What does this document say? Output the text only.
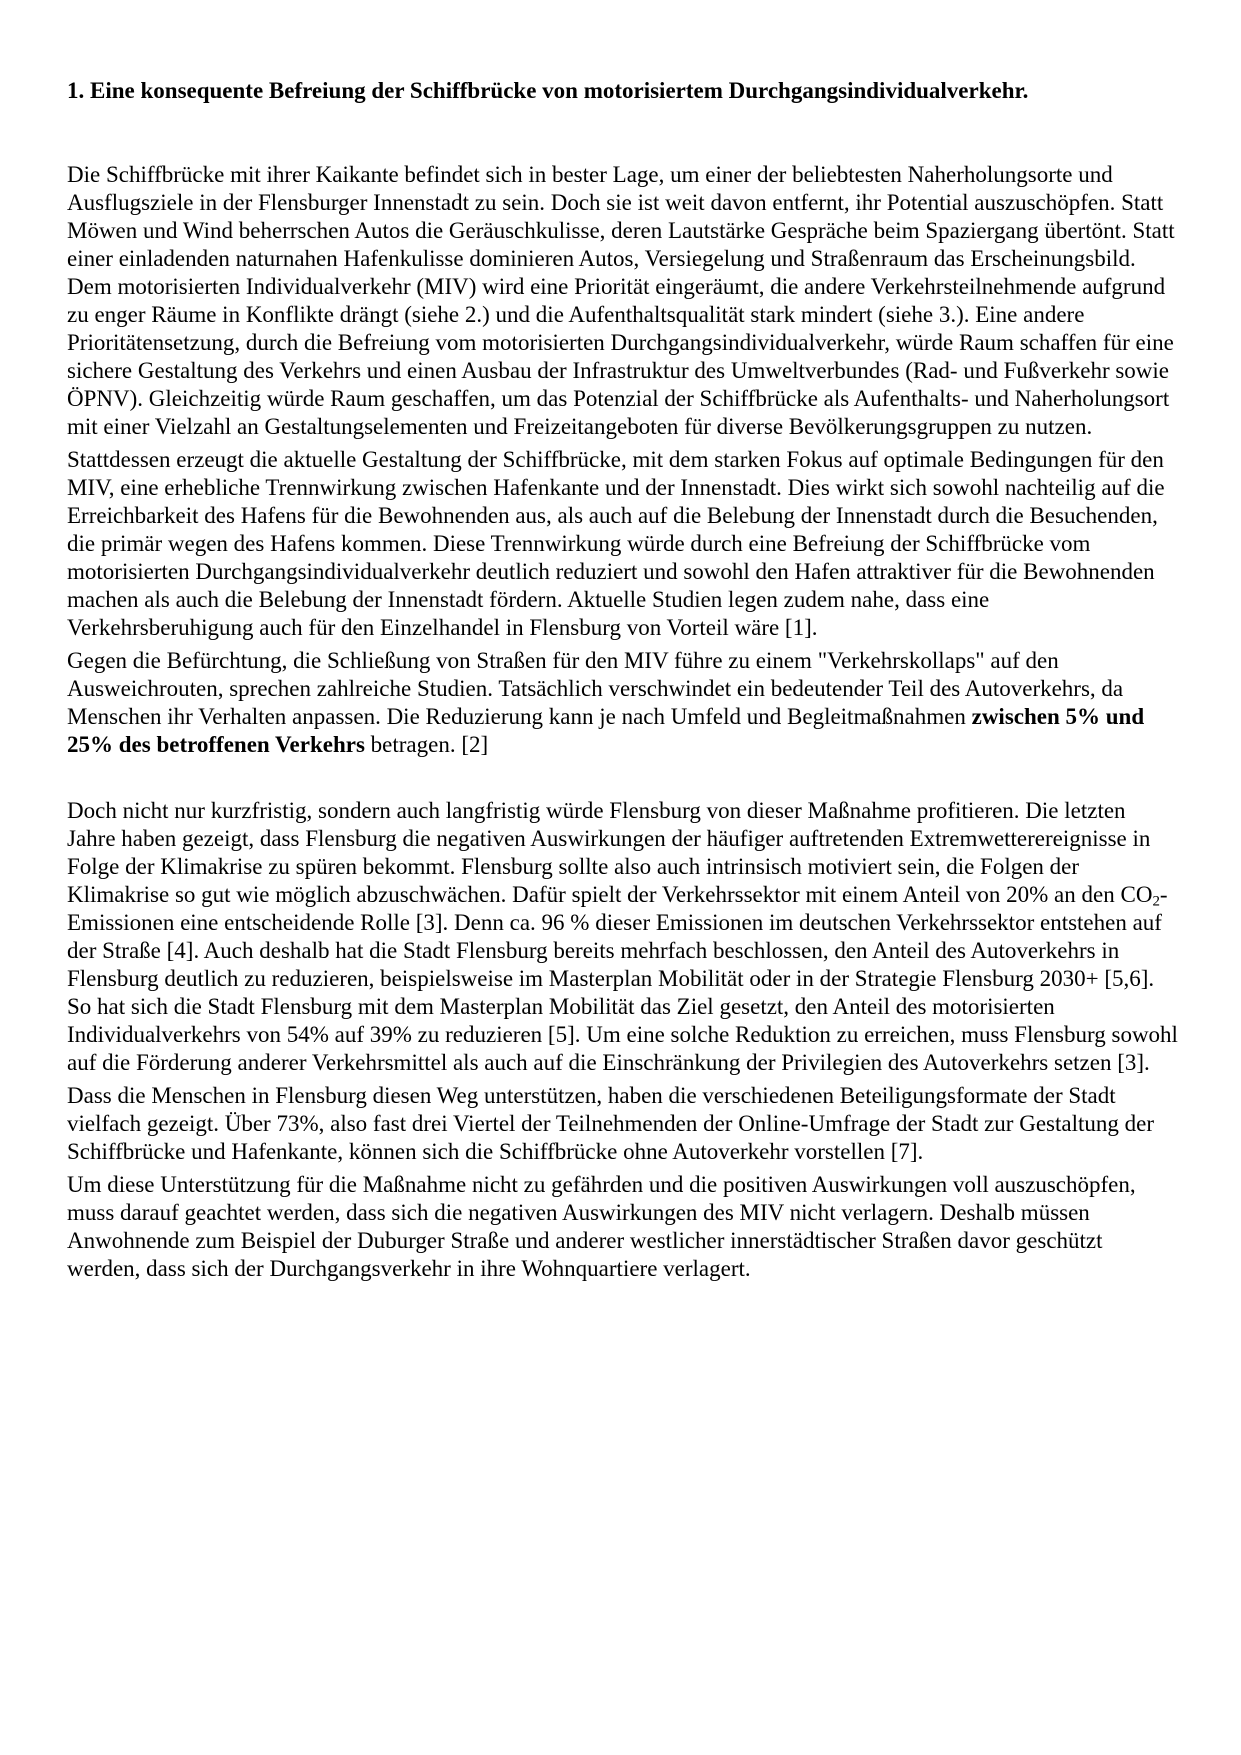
1. Eine konsequente Befreiung der Schiffbrücke von motorisiertem Durchgangsindividualverkehr.

Die Schiffbrücke mit ihrer Kaikante befindet sich in bester Lage, um einer der beliebtesten Naherholungsorte und Ausflugsziele in der Flensburger Innenstadt zu sein. Doch sie ist weit davon entfernt, ihr Potential auszuschöpfen. Statt Möwen und Wind beherrschen Autos die Geräuschkulisse, deren Lautstärke Gespräche beim Spaziergang übertönt. Statt einer einladenden naturnahen Hafenkulisse dominieren Autos, Versiegelung und Straßenraum das Erscheinungsbild. Dem motorisierten Individualverkehr (MIV) wird eine Priorität eingeräumt, die andere Verkehrsteilnehmende aufgrund zu enger Räume in Konflikte drängt (siehe 2.) und die Aufenthaltsqualität stark mindert (siehe 3.). Eine andere Prioritätensetzung, durch die Befreiung vom motorisierten Durchgangsindividualverkehr, würde Raum schaffen für eine sichere Gestaltung des Verkehrs und einen Ausbau der Infrastruktur des Umweltverbundes (Rad- und Fußverkehr sowie ÖPNV). Gleichzeitig würde Raum geschaffen, um das Potenzial der Schiffbrücke als Aufenthalts- und Naherholungsort mit einer Vielzahl an Gestaltungselementen und Freizeitangeboten für diverse Bevölkerungsgruppen zu nutzen.

Stattdessen erzeugt die aktuelle Gestaltung der Schiffbrücke, mit dem starken Fokus auf optimale Bedingungen für den MIV, eine erhebliche Trennwirkung zwischen Hafenkante und der Innenstadt. Dies wirkt sich sowohl nachteilig auf die Erreichbarkeit des Hafens für die Bewohnenden aus, als auch auf die Belebung der Innenstadt durch die Besuchenden, die primär wegen des Hafens kommen. Diese Trennwirkung würde durch eine Befreiung der Schiffbrücke vom motorisierten Durchgangsindividualverkehr deutlich reduziert und sowohl den Hafen attraktiver für die Bewohnenden machen als auch die Belebung der Innenstadt fördern. Aktuelle Studien legen zudem nahe, dass eine Verkehrsberuhigung auch für den Einzelhandel in Flensburg von Vorteil wäre [1].

Gegen die Befürchtung, die Schließung von Straßen für den MIV führe zu einem "Verkehrskollaps" auf den Ausweichrouten, sprechen zahlreiche Studien. Tatsächlich verschwindet ein bedeutender Teil des Autoverkehrs, da Menschen ihr Verhalten anpassen. Die Reduzierung kann je nach Umfeld und Begleitmaßnahmen zwischen 5% und 25% des betroffenen Verkehrs betragen. [2]

Doch nicht nur kurzfristig, sondern auch langfristig würde Flensburg von dieser Maßnahme profitieren. Die letzten Jahre haben gezeigt, dass Flensburg die negativen Auswirkungen der häufiger auftretenden Extremwetterereignisse in Folge der Klimakrise zu spüren bekommt. Flensburg sollte also auch intrinsisch motiviert sein, die Folgen der Klimakrise so gut wie möglich abzuschwächen. Dafür spielt der Verkehrssektor mit einem Anteil von 20% an den $CO_2$-Emissionen eine entscheidende Rolle [3]. Denn ca. 96 % dieser Emissionen im deutschen Verkehrssektor entstehen auf der Straße [4]. Auch deshalb hat die Stadt Flensburg bereits mehrfach beschlossen, den Anteil des Autoverkehrs in Flensburg deutlich zu reduzieren, beispielsweise im Masterplan Mobilität oder in der Strategie Flensburg 2030+ [5,6]. So hat sich die Stadt Flensburg mit dem Masterplan Mobilität das Ziel gesetzt, den Anteil des motorisierten Individualverkehrs von 54% auf 39% zu reduzieren [5]. Um eine solche Reduktion zu erreichen, muss Flensburg sowohl auf die Förderung anderer Verkehrsmittel als auch auf die Einschränkung der Privilegien des Autoverkehrs setzen [3].

Dass die Menschen in Flensburg diesen Weg unterstützen, haben die verschiedenen Beteiligungsformate der Stadt vielfach gezeigt. Über 73%, also fast drei Viertel der Teilnehmenden der Online-Umfrage der Stadt zur Gestaltung der Schiffbrücke und Hafenkante, können sich die Schiffbrücke ohne Autoverkehr vorstellen [7].

Um diese Unterstützung für die Maßnahme nicht zu gefährden und die positiven Auswirkungen voll auszuschöpfen, muss darauf geachtet werden, dass sich die negativen Auswirkungen des MIV nicht verlagern. Deshalb müssen Anwohnende zum Beispiel der Duburger Straße und anderer westlicher innerstädtischer Straßen davor geschützt werden, dass sich der Durchgangsverkehr in ihre Wohnquartiere verlagert.
